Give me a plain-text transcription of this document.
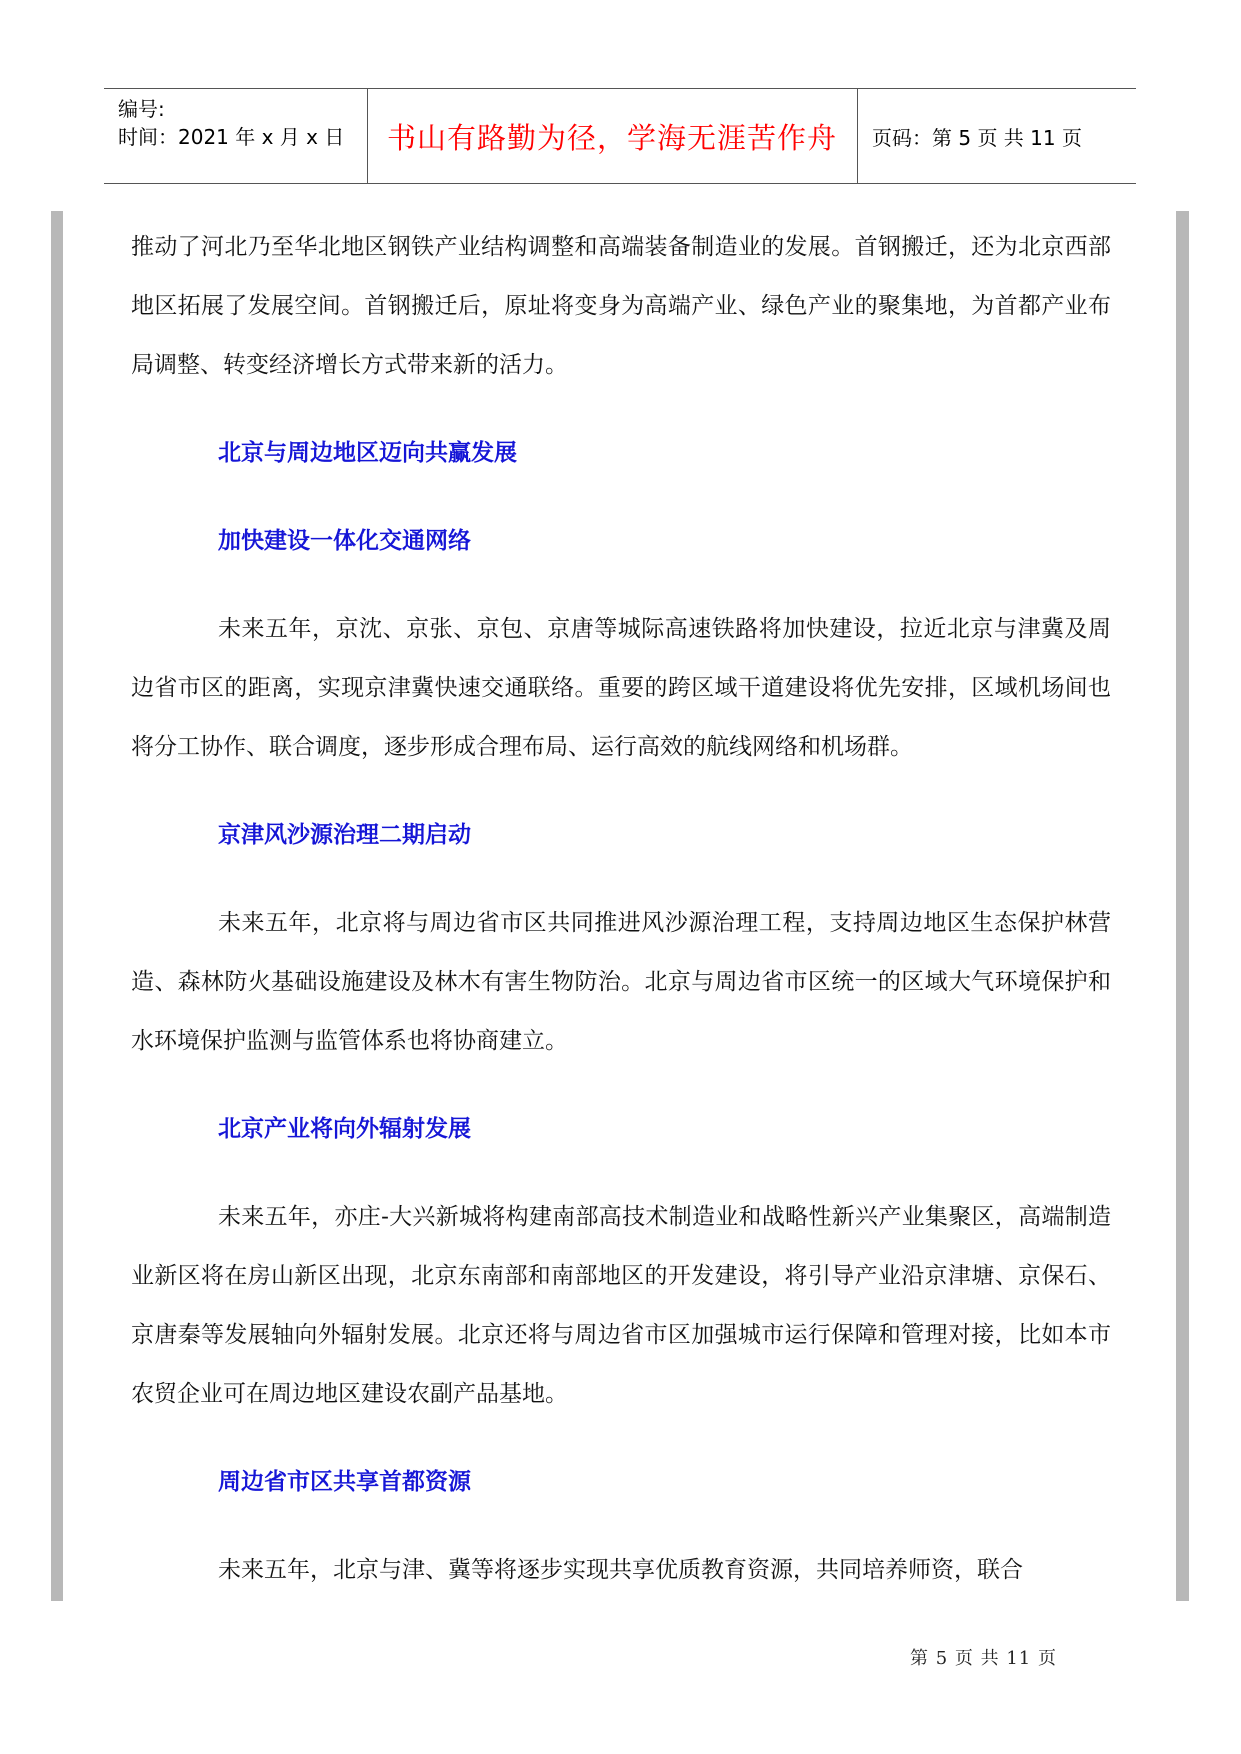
编号:
时间：2021 年 x 月 x 日	书山有路勤为径，学海无涯苦作舟	页码：第 5 页 共 11 页

推动了河北乃至华北地区钢铁产业结构调整和高端装备制造业的发展。首钢搬迁，还为北京西部地区拓展了发展空间。首钢搬迁后，原址将变身为高端产业、绿色产业的聚集地，为首都产业布局调整、转变经济增长方式带来新的活力。

北京与周边地区迈向共赢发展
加快建设一体化交通网络

未来五年，京沈、京张、京包、京唐等城际高速铁路将加快建设，拉近北京与津冀及周边省市区的距离，实现京津冀快速交通联络。重要的跨区域干道建设将优先安排，区域机场间也将分工协作、联合调度，逐步形成合理布局、运行高效的航线网络和机场群。

京津风沙源治理二期启动

未来五年，北京将与周边省市区共同推进风沙源治理工程，支持周边地区生态保护林营造、森林防火基础设施建设及林木有害生物防治。北京与周边省市区统一的区域大气环境保护和水环境保护监测与监管体系也将协商建立。

北京产业将向外辐射发展

未来五年，亦庄-大兴新城将构建南部高技术制造业和战略性新兴产业集聚区，高端制造业新区将在房山新区出现，北京东南部和南部地区的开发建设，将引导产业沿京津塘、京保石、京唐秦等发展轴向外辐射发展。北京还将与周边省市区加强城市运行保障和管理对接，比如本市农贸企业可在周边地区建设农副产品基地。

周边省市区共享首都资源

未来五年，北京与津、冀等将逐步实现共享优质教育资源，共同培养师资，联合

第 5 页 共 11 页
